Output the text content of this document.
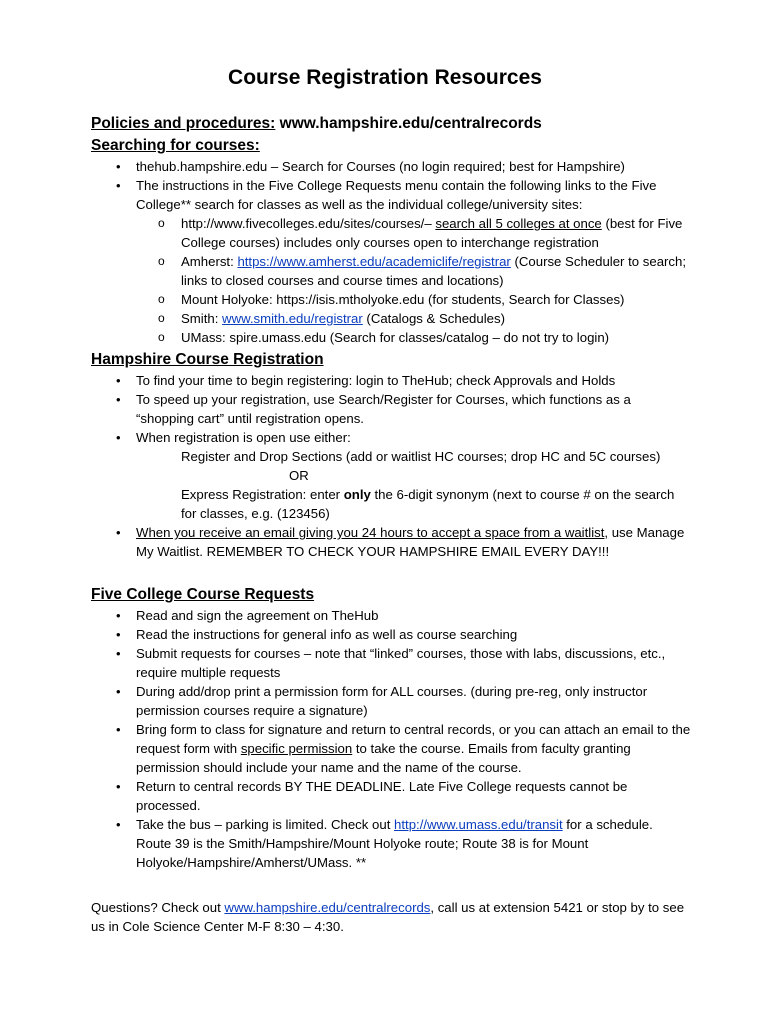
Course Registration Resources
Policies and procedures: www.hampshire.edu/centralrecords
Searching for courses:
• thehub.hampshire.edu – Search for Courses (no login required; best for Hampshire)
• The instructions in the Five College Requests menu contain the following links to the Five College** search for classes as well as the individual college/university sites:
o http://www.fivecolleges.edu/sites/courses/– search all 5 colleges at once (best for Five College courses) includes only courses open to interchange registration
o Amherst: https://www.amherst.edu/academiclife/registrar (Course Scheduler to search; links to closed courses and course times and locations)
o Mount Holyoke: https://isis.mtholyoke.edu (for students, Search for Classes)
o Smith: www.smith.edu/registrar (Catalogs & Schedules)
o UMass: spire.umass.edu (Search for classes/catalog – do not try to login)
Hampshire Course Registration
• To find your time to begin registering: login to TheHub; check Approvals and Holds
• To speed up your registration, use Search/Register for Courses, which functions as a “shopping cart” until registration opens.
• When registration is open use either:
Register and Drop Sections (add or waitlist HC courses; drop HC and 5C courses)
OR
Express Registration: enter only the 6-digit synonym (next to course # on the search for classes, e.g. (123456)
• When you receive an email giving you 24 hours to accept a space from a waitlist, use Manage My Waitlist. REMEMBER TO CHECK YOUR HAMPSHIRE EMAIL EVERY DAY!!!
Five College Course Requests
• Read and sign the agreement on TheHub
• Read the instructions for general info as well as course searching
• Submit requests for courses – note that “linked” courses, those with labs, discussions, etc., require multiple requests
• During add/drop print a permission form for ALL courses. (during pre-reg, only instructor permission courses require a signature)
• Bring form to class for signature and return to central records, or you can attach an email to the request form with specific permission to take the course. Emails from faculty granting permission should include your name and the name of the course.
• Return to central records BY THE DEADLINE. Late Five College requests cannot be processed.
• Take the bus – parking is limited. Check out http://www.umass.edu/transit for a schedule. Route 39 is the Smith/Hampshire/Mount Holyoke route; Route 38 is for Mount Holyoke/Hampshire/Amherst/UMass. **
Questions? Check out www.hampshire.edu/centralrecords, call us at extension 5421 or stop by to see us in Cole Science Center M-F 8:30 – 4:30.
